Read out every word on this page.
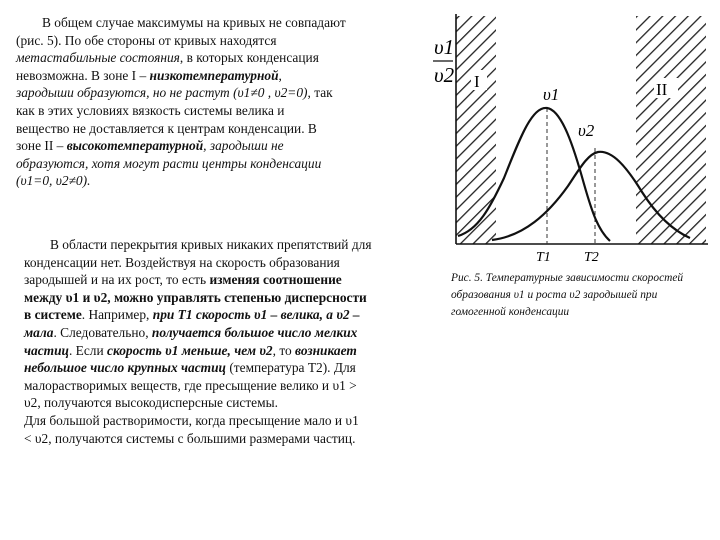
В общем случае максимумы на кривых не совпадают
(рис. 5). По обе стороны от кривых находятся
метастабильные состояния, в которых конденсация
невозможна. В зоне I – низкотемпературной,
зародыши образуются, но не растут (υ1≠0 , υ2=0), так
как в этих условиях вязкость системы велика и
вещество не доставляется к центрам конденсации. В
зоне II – высокотемпературной, зародыши не
образуются, хотя могут расти центры конденсации
(υ1=0, υ2≠0).
В области перекрытия кривых никаких препятствий для
конденсации нет. Воздействуя на скорость образования
зародышей и на их рост, то есть изменяя соотношение
между υ1 и υ2, можно управлять степенью дисперсности
в системе. Например, при T1 скорость υ1 – велика, а υ2 –
мала. Следовательно, получается большое число мелких
частиц. Если скорость υ1 меньше, чем υ2, то возникает
небольшое число крупных частиц (температура T2). Для
малорастворимых веществ, где пресыщение велико и υ1 >
υ2, получаются высокодисперсные системы.
Для большой растворимости, когда пресыщение мало и υ1
< υ2, получаются системы с большими размерами частиц.
υ1
υ2 I	II
υ1
υ2
T1 T2
Рис. 5. Температурные зависимости скоростей образования υ1 и роста υ2 зародышей при гомогенной конденсации
